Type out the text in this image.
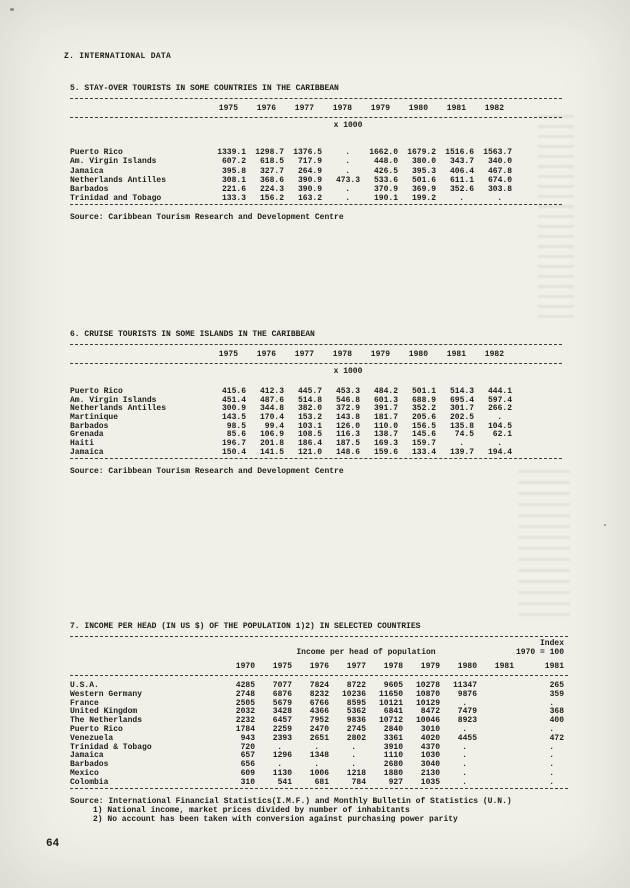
Z. INTERNATIONAL DATA
5. STAY-OVER TOURISTS IN SOME COUNTRIES IN THE CARIBBEAN
1975 1976 1977 1978 1979 1980 1981 1982
x 1000
Puerto Rico	1339.1 1298.7 1376.5	. 1662.0 1679.2 1516.6 1563.7
Am. Virgin Islands	607.2 618.5 717.9	.	448.0 380.0 343.7 340.0
Jamaica	395.8 327.7 264.9	.	426.5 395.3 406.4 467.8
Netherlands Antilles	308.1 368.6 390.9 473.3 533.6 501.6 611.1 674.0
Barbados	221.6 224.3 390.9	.	370.9 369.9 352.6 303.8
Trinidad and Tobago	133.3 156.2 163.2	.	190.1 199.2	.	.
Source: Caribbean Tourism Research and Development Centre
6. CRUISE TOURISTS IN SOME ISLANDS IN THE CARIBBEAN
1975 1976 1977 1978 1979 1980 1981 1982
x 1000
Puerto Rico	415.6 412.3 445.7 453.3 484.2 501.1 514.3 444.1
Am. Virgin Islands	451.4 487.6 514.8 546.8 601.3 688.9 695.4 597.4
Netherlands Antilles	300.9 344.8 382.0 372.9 391.7 352.2 301.7 266.2
Martinique	143.5 170.4 153.2 143.8 181.7 205.6 202.5	.
Barbados	98.5 99.4 103.1 126.0 110.0 156.5 135.8 104.5
Grenada	85.6 106.9 108.5 116.3 138.7 145.6 74.5 62.1
Haiti	196.7 201.8 186.4 187.5 169.3 159.7	.	.
Jamaica	150.4 141.5 121.0 148.6 159.6 133.4 139.7 194.4
Source: Caribbean Tourism Research and Development Centre
7. INCOME PER HEAD (IN US $) OF THE POPULATION 1)2) IN SELECTED COUNTRIES
Income per head of population
Index
1970 = 100
1970 1975 1976 1977 1978 1979 1980 1981	1981
U.S.A.	4285 7077 7824 8722 9605 10278 11347	265
Western Germany	2748 6876 8232 10236 11650 10870 9876	359
France	2505 5679 6766 8595 10121 10129	.	.
United Kingdom	2032 3428 4366 5362 6841 8472 7479	368
The Netherlands	2232 6457 7952 9836 10712 10046 8923	400
Puerto Rico	1784 2259 2470 2745 2840 3010	.	.
Venezuela	943 2393 2651 2802 3361 4020 4455	472
Trinidad & Tobago	720	.	.	.	3910 4370	.	.
Jamaica	657 1296 1348	.	1110 1030	.	.
Barbados	656	.	.	.	2680 3040	.	.
Mexico	609 1130 1006 1218 1880 2130	.	.
Colombia	310	541	681	784	927 1035	.	.
Source: International Financial Statistics(I.M.F.) and Monthly Bulletin of Statistics (U.N.)
1) National income, market prices divided by number of inhabitants
2) No account has been taken with conversion against purchasing power parity
64
